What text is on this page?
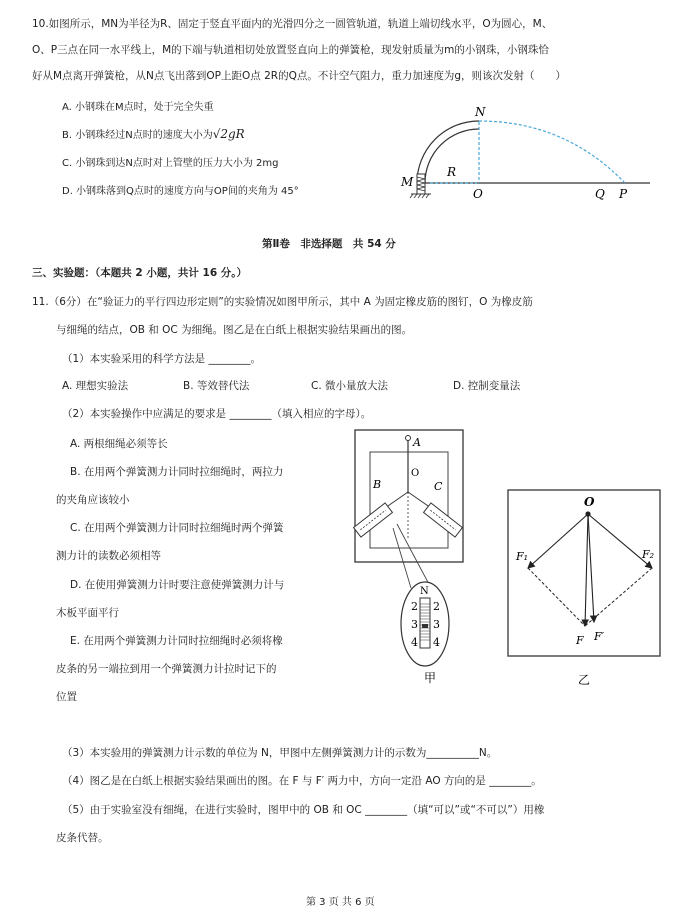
10.如图所示，MN为半径为R、固定于竖直平面内的光滑四分之一圆管轨道，轨道上端切线水平，O为圆心，M、
O、P三点在同一水平线上，M的下端与轨道相切处放置竖直向上的弹簧枪，现发射质量为m的小钢珠，小钢珠恰
好从M点离开弹簧枪，从N点飞出落到OP上距O点 2R的Q点。不计空气阻力，重力加速度为g，则该次发射（　　）
A. 小钢珠在M点时，处于完全失重
B. 小钢珠经过N点时的速度大小为√2gR
C. 小钢珠到达N点时对上管壁的压力大小为 2mg
D. 小钢珠落到Q点时的速度方向与OP间的夹角为 45°
N
M
R
O	Q P
第Ⅱ卷　非选择题　共 54 分
三、实验题：（本题共 2 小题，共计 16 分。）
11.（6分）在“验证力的平行四边形定则”的实验情况如图甲所示，其中 A 为固定橡皮筋的图钉，O 为橡皮筋
与细绳的结点，OB 和 OC 为细绳。图乙是在白纸上根据实验结果画出的图。
（1）本实验采用的科学方法是 ________。
A. 理想实验法	B. 等效替代法	C. 微小量放大法	D. 控制变量法
（2）本实验操作中应满足的要求是 ________（填入相应的字母）。
A. 两根细绳必须等长
B. 在用两个弹簧测力计同时拉细绳时，两拉力
的夹角应该较小
C. 在用两个弹簧测力计同时拉细绳时两个弹簧
测力计的读数必须相等
D. 在使用弹簧测力计时要注意使弹簧测力计与
木板平面平行
E. 在用两个弹簧测力计同时拉细绳时必须将橡
皮条的另一端拉到用一个弹簧测力计拉时记下的
位置
A
O
B	C
N
2
3
4
2
3
4
甲
O
F₁	F₂
F F′
乙
（3）本实验用的弹簧测力计示数的单位为 N，甲图中左侧弹簧测力计的示数为__________N。
（4）图乙是在白纸上根据实验结果画出的图。在 F 与 F′ 两力中，方向一定沿 AO 方向的是 ________。
（5）由于实验室没有细绳，在进行实验时，图甲中的 OB 和 OC ________（填“可以”或“不可以”）用橡
皮条代替。
第 3 页 共 6 页
